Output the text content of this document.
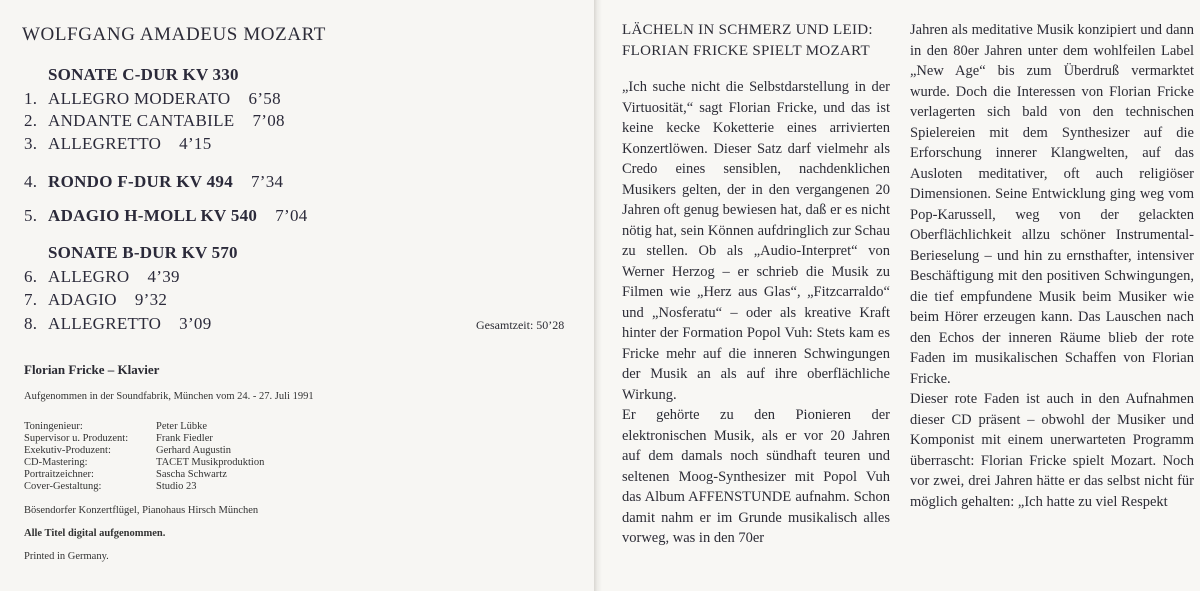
WOLFGANG AMADEUS MOZART
SONATE C-DUR KV 330
1. ALLEGRO MODERATO 6’58
2. ANDANTE CANTABILE 7’08
3. ALLEGRETTO 4’15
4. RONDO F-DUR KV 494 7’34
5. ADAGIO H-MOLL KV 540 7’04
SONATE B-DUR KV 570
6. ALLEGRO 4’39
7. ADAGIO 9’32
8. ALLEGRETTO 3’09	Gesamtzeit: 50’28
Florian Fricke – Klavier
Aufgenommen in der Soundfabrik, München vom 24. - 27. Juli 1991
Toningenieur:	Peter Lübke
Supervisor u. Produzent:	Frank Fiedler
Exekutiv-Produzent:	Gerhard Augustin
CD-Mastering:	TACET Musikproduktion
Portraitzeichner:	Sascha Schwartz
Cover-Gestaltung:	Studio 23
Bösendorfer Konzertflügel, Pianohaus Hirsch München
Alle Titel digital aufgenommen.
Printed in Germany.
LÄCHELN IN SCHMERZ UND LEID:
FLORIAN FRICKE SPIELT MOZART

„Ich suche nicht die Selbstdarstellung in der Virtuosität,“ sagt Florian Fricke, und das ist keine kecke Koketterie eines arrivierten Konzertlöwen. Dieser Satz darf vielmehr als Credo eines sensiblen, nachdenklichen Musikers gelten, der in den vergangenen 20 Jahren oft genug bewiesen hat, daß er es nicht nötig hat, sein Können aufdringlich zur Schau zu stellen. Ob als „Audio-Interpret“ von Werner Herzog – er schrieb die Musik zu Filmen wie „Herz aus Glas“, „Fitzcarraldo“ und „Nosferatu“ – oder als kreative Kraft hinter der Formation Popol Vuh: Stets kam es Fricke mehr auf die inneren Schwingungen der Musik an als auf ihre oberflächliche Wirkung.

Er gehörte zu den Pionieren der elektronischen Musik, als er vor 20 Jahren auf dem damals noch sündhaft teuren und seltenen Moog-Synthesizer mit Popol Vuh das Album AFFENSTUNDE aufnahm. Schon damit nahm er im Grunde musikalisch alles vorweg, was in den 70er

Jahren als meditative Musik konzipiert und dann in den 80er Jahren unter dem wohlfeilen Label „New Age“ bis zum Überdruß vermarktet wurde. Doch die Interessen von Florian Fricke verlagerten sich bald von den technischen Spielereien mit dem Synthesizer auf die Erforschung innerer Klangwelten, auf das Ausloten meditativer, oft auch religiöser Dimensionen. Seine Entwicklung ging weg vom Pop-Karussell, weg von der gelackten Oberflächlichkeit allzu schöner Instrumental-Berieselung – und hin zu ernsthafter, intensiver Beschäftigung mit den positiven Schwingungen, die tief empfundene Musik beim Musiker wie beim Hörer erzeugen kann. Das Lauschen nach den Echos der inneren Räume blieb der rote Faden im musikalischen Schaffen von Florian Fricke.

Dieser rote Faden ist auch in den Aufnahmen dieser CD präsent – obwohl der Musiker und Komponist mit einem unerwarteten Programm überrascht: Florian Fricke spielt Mozart. Noch vor zwei, drei Jahren hätte er das selbst nicht für möglich gehalten: „Ich hatte zu viel Respekt
